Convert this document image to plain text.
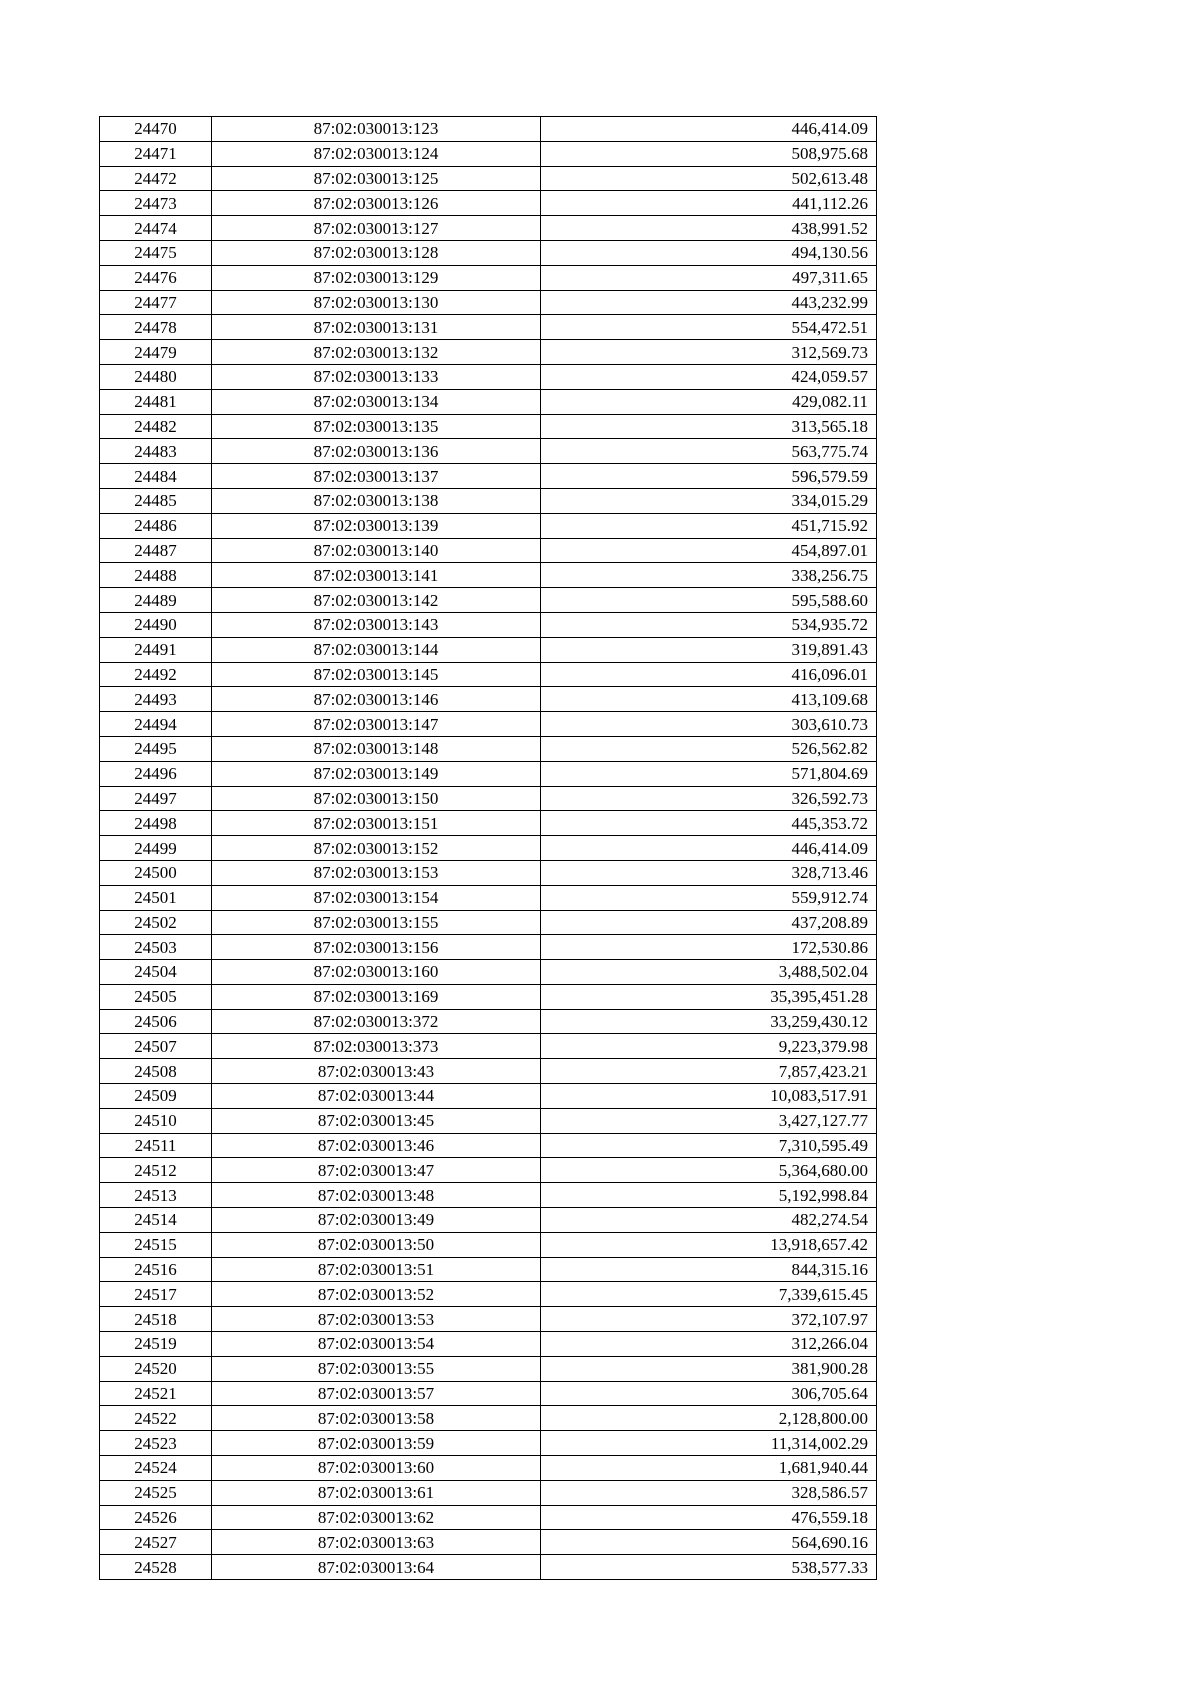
24470	87:02:030013:123	446,414.09
24471	87:02:030013:124	508,975.68
24472	87:02:030013:125	502,613.48
24473	87:02:030013:126	441,112.26
24474	87:02:030013:127	438,991.52
24475	87:02:030013:128	494,130.56
24476	87:02:030013:129	497,311.65
24477	87:02:030013:130	443,232.99
24478	87:02:030013:131	554,472.51
24479	87:02:030013:132	312,569.73
24480	87:02:030013:133	424,059.57
24481	87:02:030013:134	429,082.11
24482	87:02:030013:135	313,565.18
24483	87:02:030013:136	563,775.74
24484	87:02:030013:137	596,579.59
24485	87:02:030013:138	334,015.29
24486	87:02:030013:139	451,715.92
24487	87:02:030013:140	454,897.01
24488	87:02:030013:141	338,256.75
24489	87:02:030013:142	595,588.60
24490	87:02:030013:143	534,935.72
24491	87:02:030013:144	319,891.43
24492	87:02:030013:145	416,096.01
24493	87:02:030013:146	413,109.68
24494	87:02:030013:147	303,610.73
24495	87:02:030013:148	526,562.82
24496	87:02:030013:149	571,804.69
24497	87:02:030013:150	326,592.73
24498	87:02:030013:151	445,353.72
24499	87:02:030013:152	446,414.09
24500	87:02:030013:153	328,713.46
24501	87:02:030013:154	559,912.74
24502	87:02:030013:155	437,208.89
24503	87:02:030013:156	172,530.86
24504	87:02:030013:160	3,488,502.04
24505	87:02:030013:169	35,395,451.28
24506	87:02:030013:372	33,259,430.12
24507	87:02:030013:373	9,223,379.98
24508	87:02:030013:43	7,857,423.21
24509	87:02:030013:44	10,083,517.91
24510	87:02:030013:45	3,427,127.77
24511	87:02:030013:46	7,310,595.49
24512	87:02:030013:47	5,364,680.00
24513	87:02:030013:48	5,192,998.84
24514	87:02:030013:49	482,274.54
24515	87:02:030013:50	13,918,657.42
24516	87:02:030013:51	844,315.16
24517	87:02:030013:52	7,339,615.45
24518	87:02:030013:53	372,107.97
24519	87:02:030013:54	312,266.04
24520	87:02:030013:55	381,900.28
24521	87:02:030013:57	306,705.64
24522	87:02:030013:58	2,128,800.00
24523	87:02:030013:59	11,314,002.29
24524	87:02:030013:60	1,681,940.44
24525	87:02:030013:61	328,586.57
24526	87:02:030013:62	476,559.18
24527	87:02:030013:63	564,690.16
24528	87:02:030013:64	538,577.33
